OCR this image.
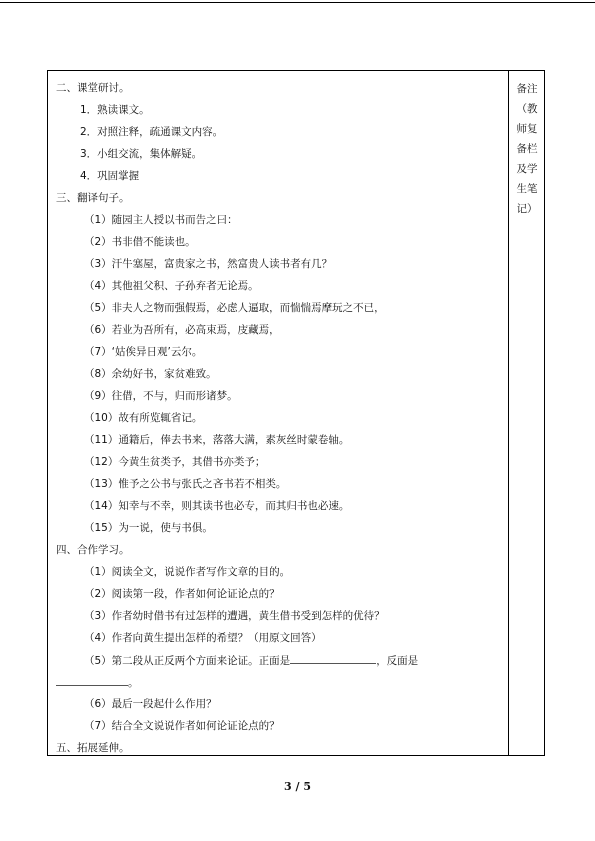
二、课堂研讨。
1．熟读课文。
2．对照注释，疏通课文内容。
3．小组交流，集体解疑。
4．巩固掌握
三、翻译句子。
（1）随园主人授以书而告之曰：
（2）书非借不能读也。
（3）汗牛塞屋，富贵家之书，然富贵人读书者有几？
（4）其他祖父积、子孙弃者无论焉。
（5）非夫人之物而强假焉，必虑人逼取，而惴惴焉摩玩之不已，
（6）若业为吾所有，必高束焉，庋藏焉，
（7）‘姑俟异日观’云尔。
（8）余幼好书，家贫难致。
（9）往借，不与，归而形诸梦。
（10）故有所览辄省记。
（11）通籍后，俸去书来，落落大满，素灰丝时蒙卷轴。
（12）今黄生贫类予，其借书亦类予；
（13）惟予之公书与张氏之吝书若不相类。
（14）知幸与不幸，则其读书也必专，而其归书也必速。
（15）为一说，使与书俱。
四、合作学习。
（1）阅读全文，说说作者写作文章的目的。
（2）阅读第一段，作者如何论证论点的？
（3）作者幼时借书有过怎样的遭遇，黄生借书受到怎样的优待？
（4）作者向黄生提出怎样的希望？（用原文回答）
（5）第二段从正反两个方面来论证。正面是	，反面是
。
（6）最后一段起什么作用？
（7）结合全文说说作者如何论证论点的？
五、拓展延伸。
备注（教师复备栏及学生笔记）
3 / 5
